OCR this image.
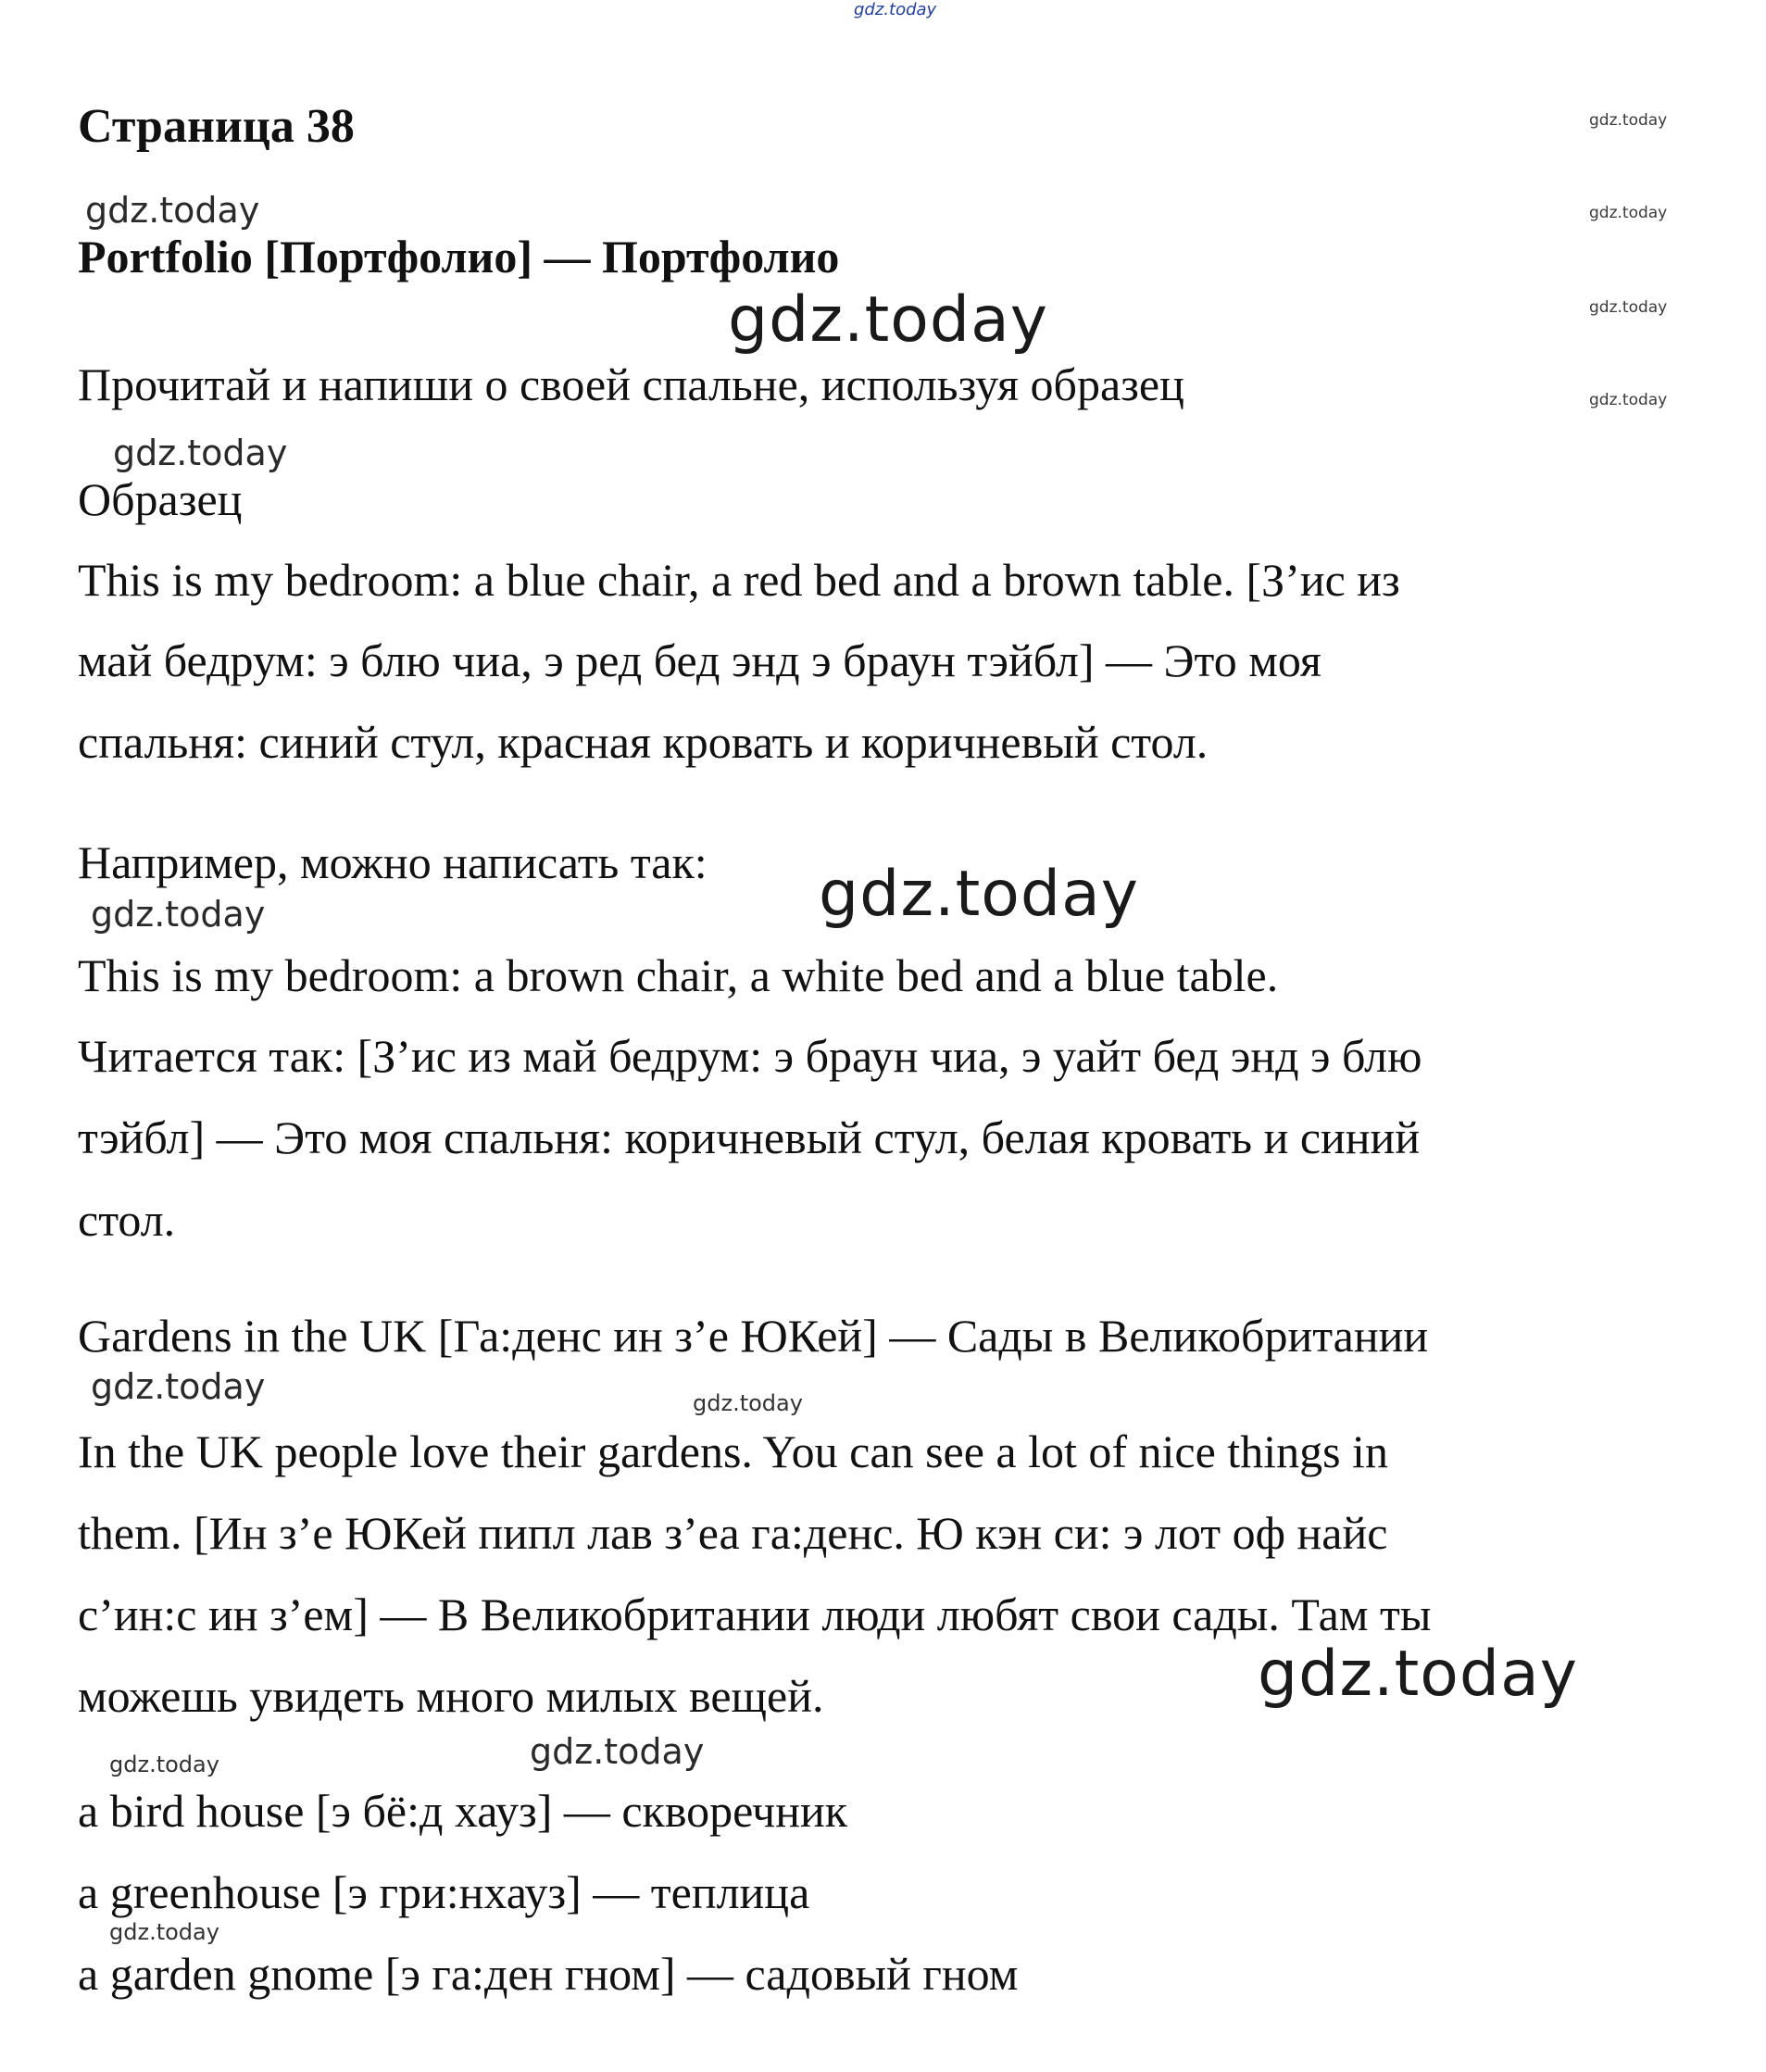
gdz.today
gdz.today
gdz.today
gdz.today
gdz.today
gdz.today
gdz.today
gdz.today
gdz.today
gdz.today
gdz.today	gdz.today
gdz.today
gdz.today	gdz.today
gdz.today
Страница 38
Portfolio [Портфолио] — Портфолио
Прочитай и напиши о своей спальне, используя образец
Образец
This is my bedroom: a blue chair, a red bed and a brown table. [З’ис из
май бедрум: э блю чиа, э ред бед энд э браун тэйбл] — Это моя
спальня: синий стул, красная кровать и коричневый стол.
Например, можно написать так:
This is my bedroom: a brown chair, a white bed and a blue table.
Читается так: [З’ис из май бедрум: э браун чиа, э уайт бед энд э блю
тэйбл] — Это моя спальня: коричневый стул, белая кровать и синий
стол.
Gardens in the UK [Га:денс ин з’е ЮКей] — Сады в Великобритании
In the UK people love their gardens. You can see a lot of nice things in
them. [Ин з’е ЮКей пипл лав з’еа га:денс. Ю кэн си: э лот оф найс
с’ин:с ин з’ем] — В Великобритании люди любят свои сады. Там ты
можешь увидеть много милых вещей.
a bird house [э бё:д хауз] — скворечник
a greenhouse [э гри:нхауз] — теплица
a garden gnome [э га:ден гном] — садовый гном
